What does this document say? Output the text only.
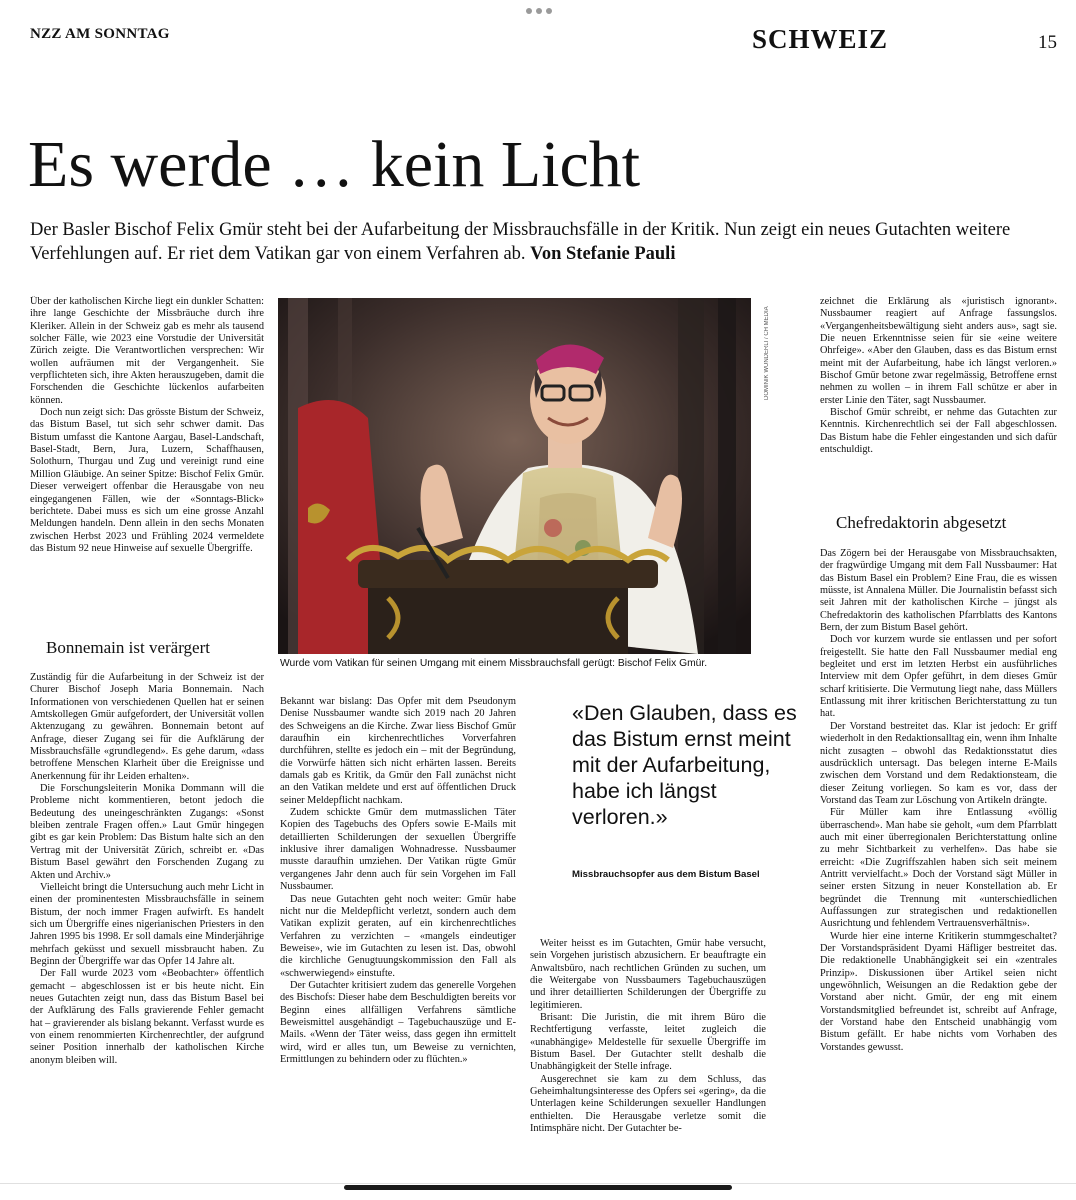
NZZ AM SONNTAG	SCHWEIZ	15
Es werde … kein Licht

Der Basler Bischof Felix Gmür steht bei der Aufarbeitung der Missbrauchsfälle in der Kritik. Nun zeigt ein neues Gutachten weitere Verfehlungen auf. Er riet dem Vatikan gar von einem Verfahren ab. Von Stefanie Pauli

Über der katholischen Kirche liegt ein dunkler Schatten: ihre lange Geschichte der Missbräuche durch ihre Kleriker. Allein in der Schweiz gab es mehr als tausend solcher Fälle, wie 2023 eine Vorstudie der Universität Zürich zeigte. Die Verantwortlichen versprechen: Wir wollen aufräumen mit der Vergangenheit. Sie verpflichteten sich, ihre Akten herauszugeben, damit die Forschenden die Geschichte lückenlos aufarbeiten können.

Doch nun zeigt sich: Das grösste Bistum der Schweiz, das Bistum Basel, tut sich sehr schwer damit. Das Bistum umfasst die Kantone Aargau, Basel-Landschaft, Basel-Stadt, Bern, Jura, Luzern, Schaffhausen, Solothurn, Thurgau und Zug und vereinigt rund eine Million Gläubige. An seiner Spitze: Bischof Felix Gmür. Dieser verweigert offenbar die Herausgabe von neu eingegangenen Fällen, wie der «Sonntags-Blick» berichtete. Dabei muss es sich um eine grosse Anzahl Meldungen handeln. Denn allein in den sechs Monaten zwischen Herbst 2023 und Frühling 2024 vermeldete das Bistum 92 neue Hinweise auf sexuelle Übergriffe.

Bonnemain ist verärgert

Zuständig für die Aufarbeitung in der Schweiz ist der Churer Bischof Joseph Maria Bonnemain. Nach Informationen von verschiedenen Quellen hat er seinen Amtskollegen Gmür aufgefordert, der Universität vollen Aktenzugang zu gewähren. Bonnemain betont auf Anfrage, dieser Zugang sei für die Aufklärung der Missbrauchsfälle «grundlegend». Es gehe darum, «dass betroffene Menschen Klarheit über die Ereignisse und Anerkennung für ihr Leiden erhalten».

Die Forschungsleiterin Monika Dommann will die Probleme nicht kommentieren, betont jedoch die Bedeutung des uneingeschränkten Zugangs: «Sonst bleiben zentrale Fragen offen.» Laut Gmür hingegen gibt es gar kein Problem: Das Bistum halte sich an den Vertrag mit der Universität Zürich, schreibt er. «Das Bistum Basel gewährt den Forschenden Zugang zu Akten und Archiv.»

Vielleicht bringt die Untersuchung auch mehr Licht in einen der prominentesten Missbrauchsfälle in seinem Bistum, der noch immer Fragen aufwirft. Es handelt sich um Übergriffe eines nigerianischen Priesters in den Jahren 1995 bis 1998. Er soll damals eine Minderjährige mehrfach geküsst und sexuell missbraucht haben. Zu Beginn der Übergriffe war das Opfer 14 Jahre alt.

Der Fall wurde 2023 vom «Beobachter» öffentlich gemacht – abgeschlossen ist er bis heute nicht. Ein neues Gutachten zeigt nun, dass das Bistum Basel bei der Aufklärung des Falls gravierende Fehler gemacht hat – gravierender als bislang bekannt. Verfasst wurde es von einem renommierten Kirchenrechtler, der aufgrund seiner Position innerhalb der katholischen Kirche anonym bleiben will.

DOMINIK WUNDERLI / CH MEDIA
Wurde vom Vatikan für seinen Umgang mit einem Missbrauchsfall gerügt: Bischof Felix Gmür.

Bekannt war bislang: Das Opfer mit dem Pseudonym Denise Nussbaumer wandte sich 2019 nach 20 Jahren des Schweigens an die Kirche. Zwar liess Bischof Gmür daraufhin ein kirchenrechtliches Vorverfahren durchführen, stellte es jedoch ein – mit der Begründung, die Vorwürfe hätten sich nicht erhärten lassen. Bereits damals gab es Kritik, da Gmür den Fall zunächst nicht an den Vatikan meldete und erst auf öffentlichen Druck seiner Meldepflicht nachkam.

Zudem schickte Gmür dem mutmasslichen Täter Kopien des Tagebuchs des Opfers sowie E-Mails mit detaillierten Schilderungen der sexuellen Übergriffe inklusive ihrer damaligen Wohnadresse. Nussbaumer musste daraufhin umziehen. Der Vatikan rügte Gmür vergangenes Jahr denn auch für sein Vorgehen im Fall Nussbaumer.

Das neue Gutachten geht noch weiter: Gmür habe nicht nur die Meldepflicht verletzt, sondern auch dem Vatikan explizit geraten, auf ein kirchenrechtliches Verfahren zu verzichten – «mangels eindeutiger Beweise», wie im Gutachten zu lesen ist. Das, obwohl die kirchliche Genugtuungskommission den Fall als «schwerwiegend» einstufte.

Der Gutachter kritisiert zudem das generelle Vorgehen des Bischofs: Dieser habe dem Beschuldigten bereits vor Beginn eines allfälligen Verfahrens sämtliche Beweismittel ausgehändigt – Tagebuchauszüge und E-Mails. «Wenn der Täter weiss, dass gegen ihn ermittelt wird, wird er alles tun, um Beweise zu vernichten, Ermittlungen zu behindern oder zu flüchten.»

«Den Glauben, dass es das Bistum ernst meint mit der Aufarbeitung, habe ich längst verloren.»

Missbrauchsopfer aus dem Bistum Basel

Weiter heisst es im Gutachten, Gmür habe versucht, sein Vorgehen juristisch abzusichern. Er beauftragte ein Anwaltsbüro, nach rechtlichen Gründen zu suchen, um die Weitergabe von Nussbaumers Tagebuchauszügen und ihrer detaillierten Schilderungen der Übergriffe zu legitimieren.

Brisant: Die Juristin, die mit ihrem Büro die Rechtfertigung verfasste, leitet zugleich die «unabhängige» Meldestelle für sexuelle Übergriffe im Bistum Basel. Der Gutachter stellt deshalb die Unabhängigkeit der Stelle infrage.

Ausgerechnet sie kam zu dem Schluss, das Geheimhaltungsinteresse des Opfers sei «gering», da die Unterlagen keine Schilderungen sexueller Handlungen enthielten. Die Herausgabe verletze somit die Intimsphäre nicht. Der Gutachter be-

zeichnet die Erklärung als «juristisch ignorant». Nussbaumer reagiert auf Anfrage fassungslos. «Vergangenheitsbewältigung sieht anders aus», sagt sie. Die neuen Erkenntnisse seien für sie «eine weitere Ohrfeige». «Aber den Glauben, dass es das Bistum ernst meint mit der Aufarbeitung, habe ich längst verloren.» Bischof Gmür betone zwar regelmässig, Betroffene ernst nehmen zu wollen – in ihrem Fall schütze er aber in erster Linie den Täter, sagt Nussbaumer.

Bischof Gmür schreibt, er nehme das Gutachten zur Kenntnis. Kirchenrechtlich sei der Fall abgeschlossen. Das Bistum habe die Fehler eingestanden und sich dafür entschuldigt.

Chefredaktorin abgesetzt

Das Zögern bei der Herausgabe von Missbrauchsakten, der fragwürdige Umgang mit dem Fall Nussbaumer: Hat das Bistum Basel ein Problem? Eine Frau, die es wissen müsste, ist Annalena Müller. Die Journalistin befasst sich seit Jahren mit der katholischen Kirche – jüngst als Chefredaktorin des katholischen Pfarrblatts des Kantons Bern, der zum Bistum Basel gehört.

Doch vor kurzem wurde sie entlassen und per sofort freigestellt. Sie hatte den Fall Nussbaumer medial eng begleitet und erst im letzten Herbst ein ausführliches Interview mit dem Opfer geführt, in dem dieses Gmür scharf kritisierte. Die Vermutung liegt nahe, dass Müllers Entlassung mit ihrer kritischen Berichterstattung zu tun hat.

Der Vorstand bestreitet das. Klar ist jedoch: Er griff wiederholt in den Redaktionsalltag ein, wenn ihm Inhalte nicht zusagten – obwohl das Redaktionsstatut dies ausdrücklich untersagt. Das belegen interne E-Mails zwischen dem Vorstand und dem Redaktionsteam, die dieser Zeitung vorliegen. So kam es vor, dass der Vorstand das Team zur Löschung von Artikeln drängte.

Für Müller kam ihre Entlassung «völlig überraschend». Man habe sie geholt, «um dem Pfarrblatt auch mit einer überregionalen Berichterstattung online zu mehr Sichtbarkeit zu verhelfen». Das habe sie erreicht: «Die Zugriffszahlen haben sich seit meinem Antritt vervielfacht.» Doch der Vorstand sägt Müller in seiner ersten Sitzung in neuer Konstellation ab. Er begründet die Trennung mit «unterschiedlichen Auffassungen zur strategischen und redaktionellen Ausrichtung und fehlendem Vertrauensverhältnis».

Wurde hier eine interne Kritikerin stummgeschaltet? Der Vorstandspräsident Dyami Häfliger bestreitet das. Die redaktionelle Unabhängigkeit sei ein «zentrales Prinzip». Diskussionen über Artikel seien nicht ungewöhnlich, Weisungen an die Redaktion gebe der Vorstand aber nicht. Gmür, der eng mit einem Vorstandsmitglied befreundet ist, schreibt auf Anfrage, der Vorstand habe den Entscheid unabhängig vom Bistum gefällt. Er habe nichts vom Vorhaben des Vorstandes gewusst.
